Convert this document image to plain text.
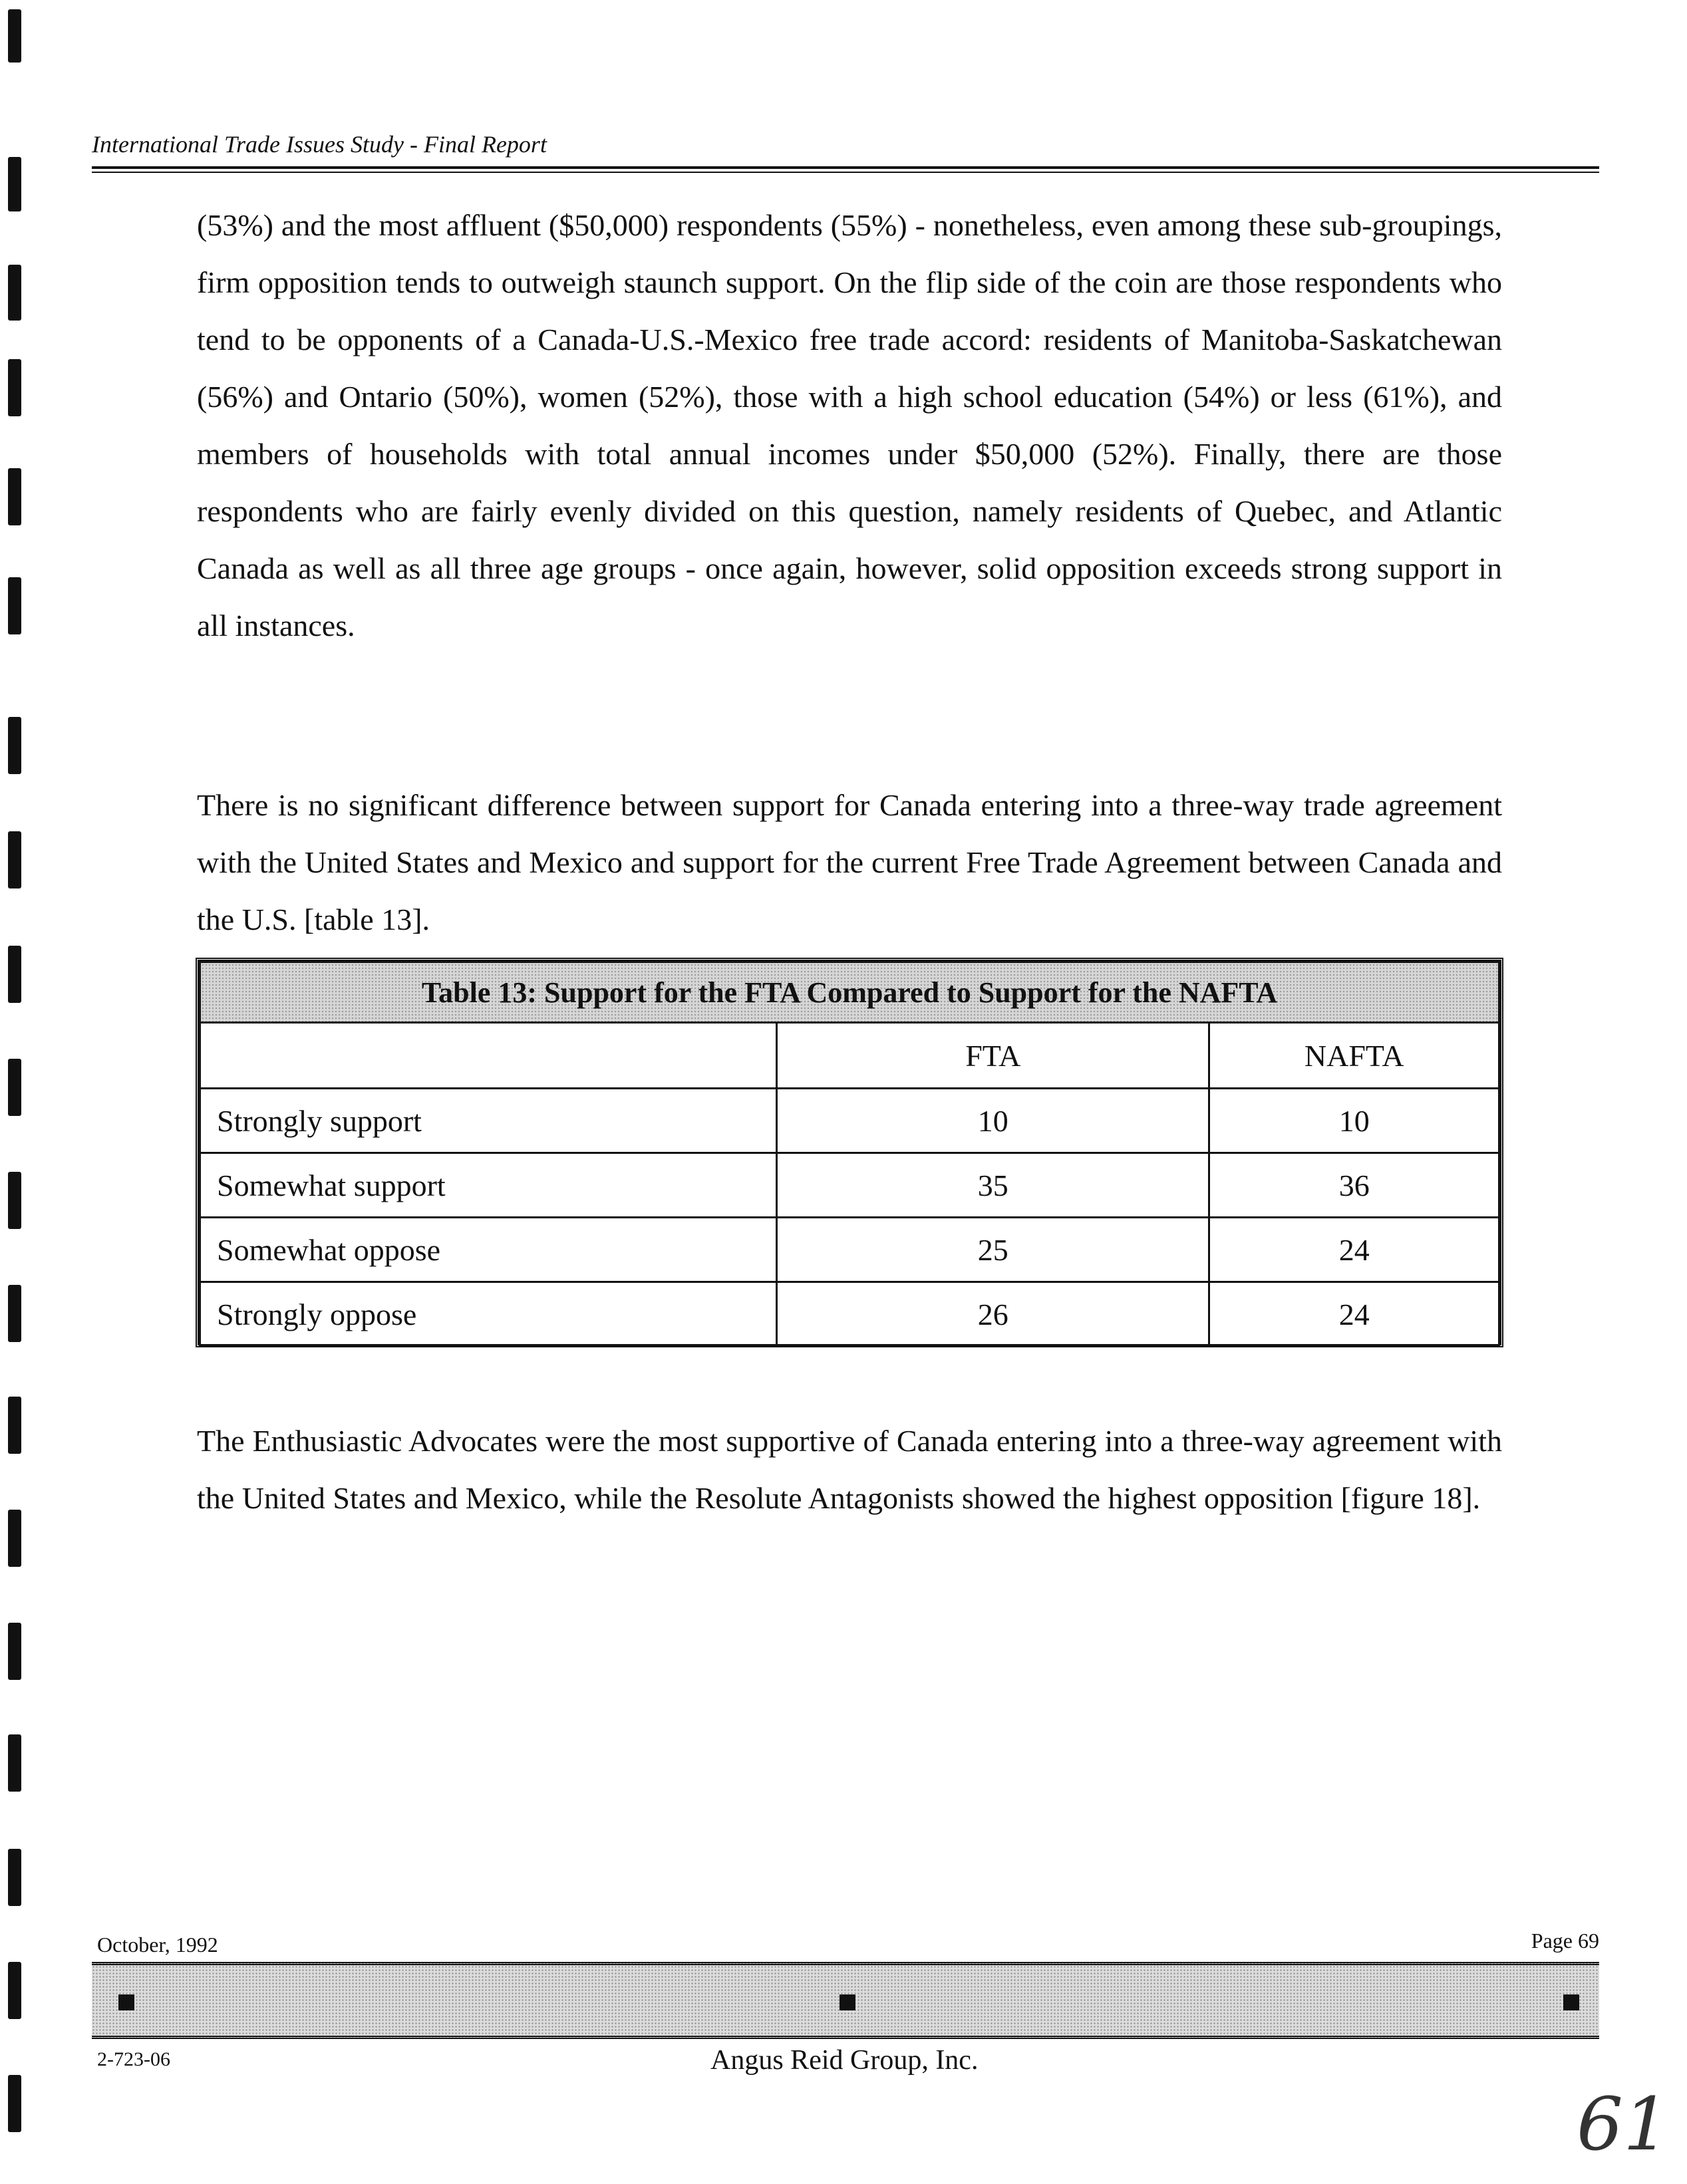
International Trade Issues Study - Final Report

(53%) and the most affluent ($50,000) respondents (55%) - nonetheless, even among these sub-groupings, firm opposition tends to outweigh staunch support. On the flip side of the coin are those respondents who tend to be opponents of a Canada-U.S.-Mexico free trade accord: residents of Manitoba-Saskatchewan (56%) and Ontario (50%), women (52%), those with a high school education (54%) or less (61%), and members of households with total annual incomes under $50,000 (52%). Finally, there are those respondents who are fairly evenly divided on this question, namely residents of Quebec, and Atlantic Canada as well as all three age groups - once again, however, solid opposition exceeds strong support in all instances.

There is no significant difference between support for Canada entering into a three-way trade agreement with the United States and Mexico and support for the current Free Trade Agreement between Canada and the U.S. [table 13].

Table 13: Support for the FTA Compared to Support for the NAFTA		
	FTA	NAFTA
Strongly support	10	10
Somewhat support	35	36
Somewhat oppose	25	24
Strongly oppose	26	24

The Enthusiastic Advocates were the most supportive of Canada entering into a three-way agreement with the United States and Mexico, while the Resolute Antagonists showed the highest opposition [figure 18].

October, 1992	Page 69
2-723-06	Angus Reid Group, Inc.
61
